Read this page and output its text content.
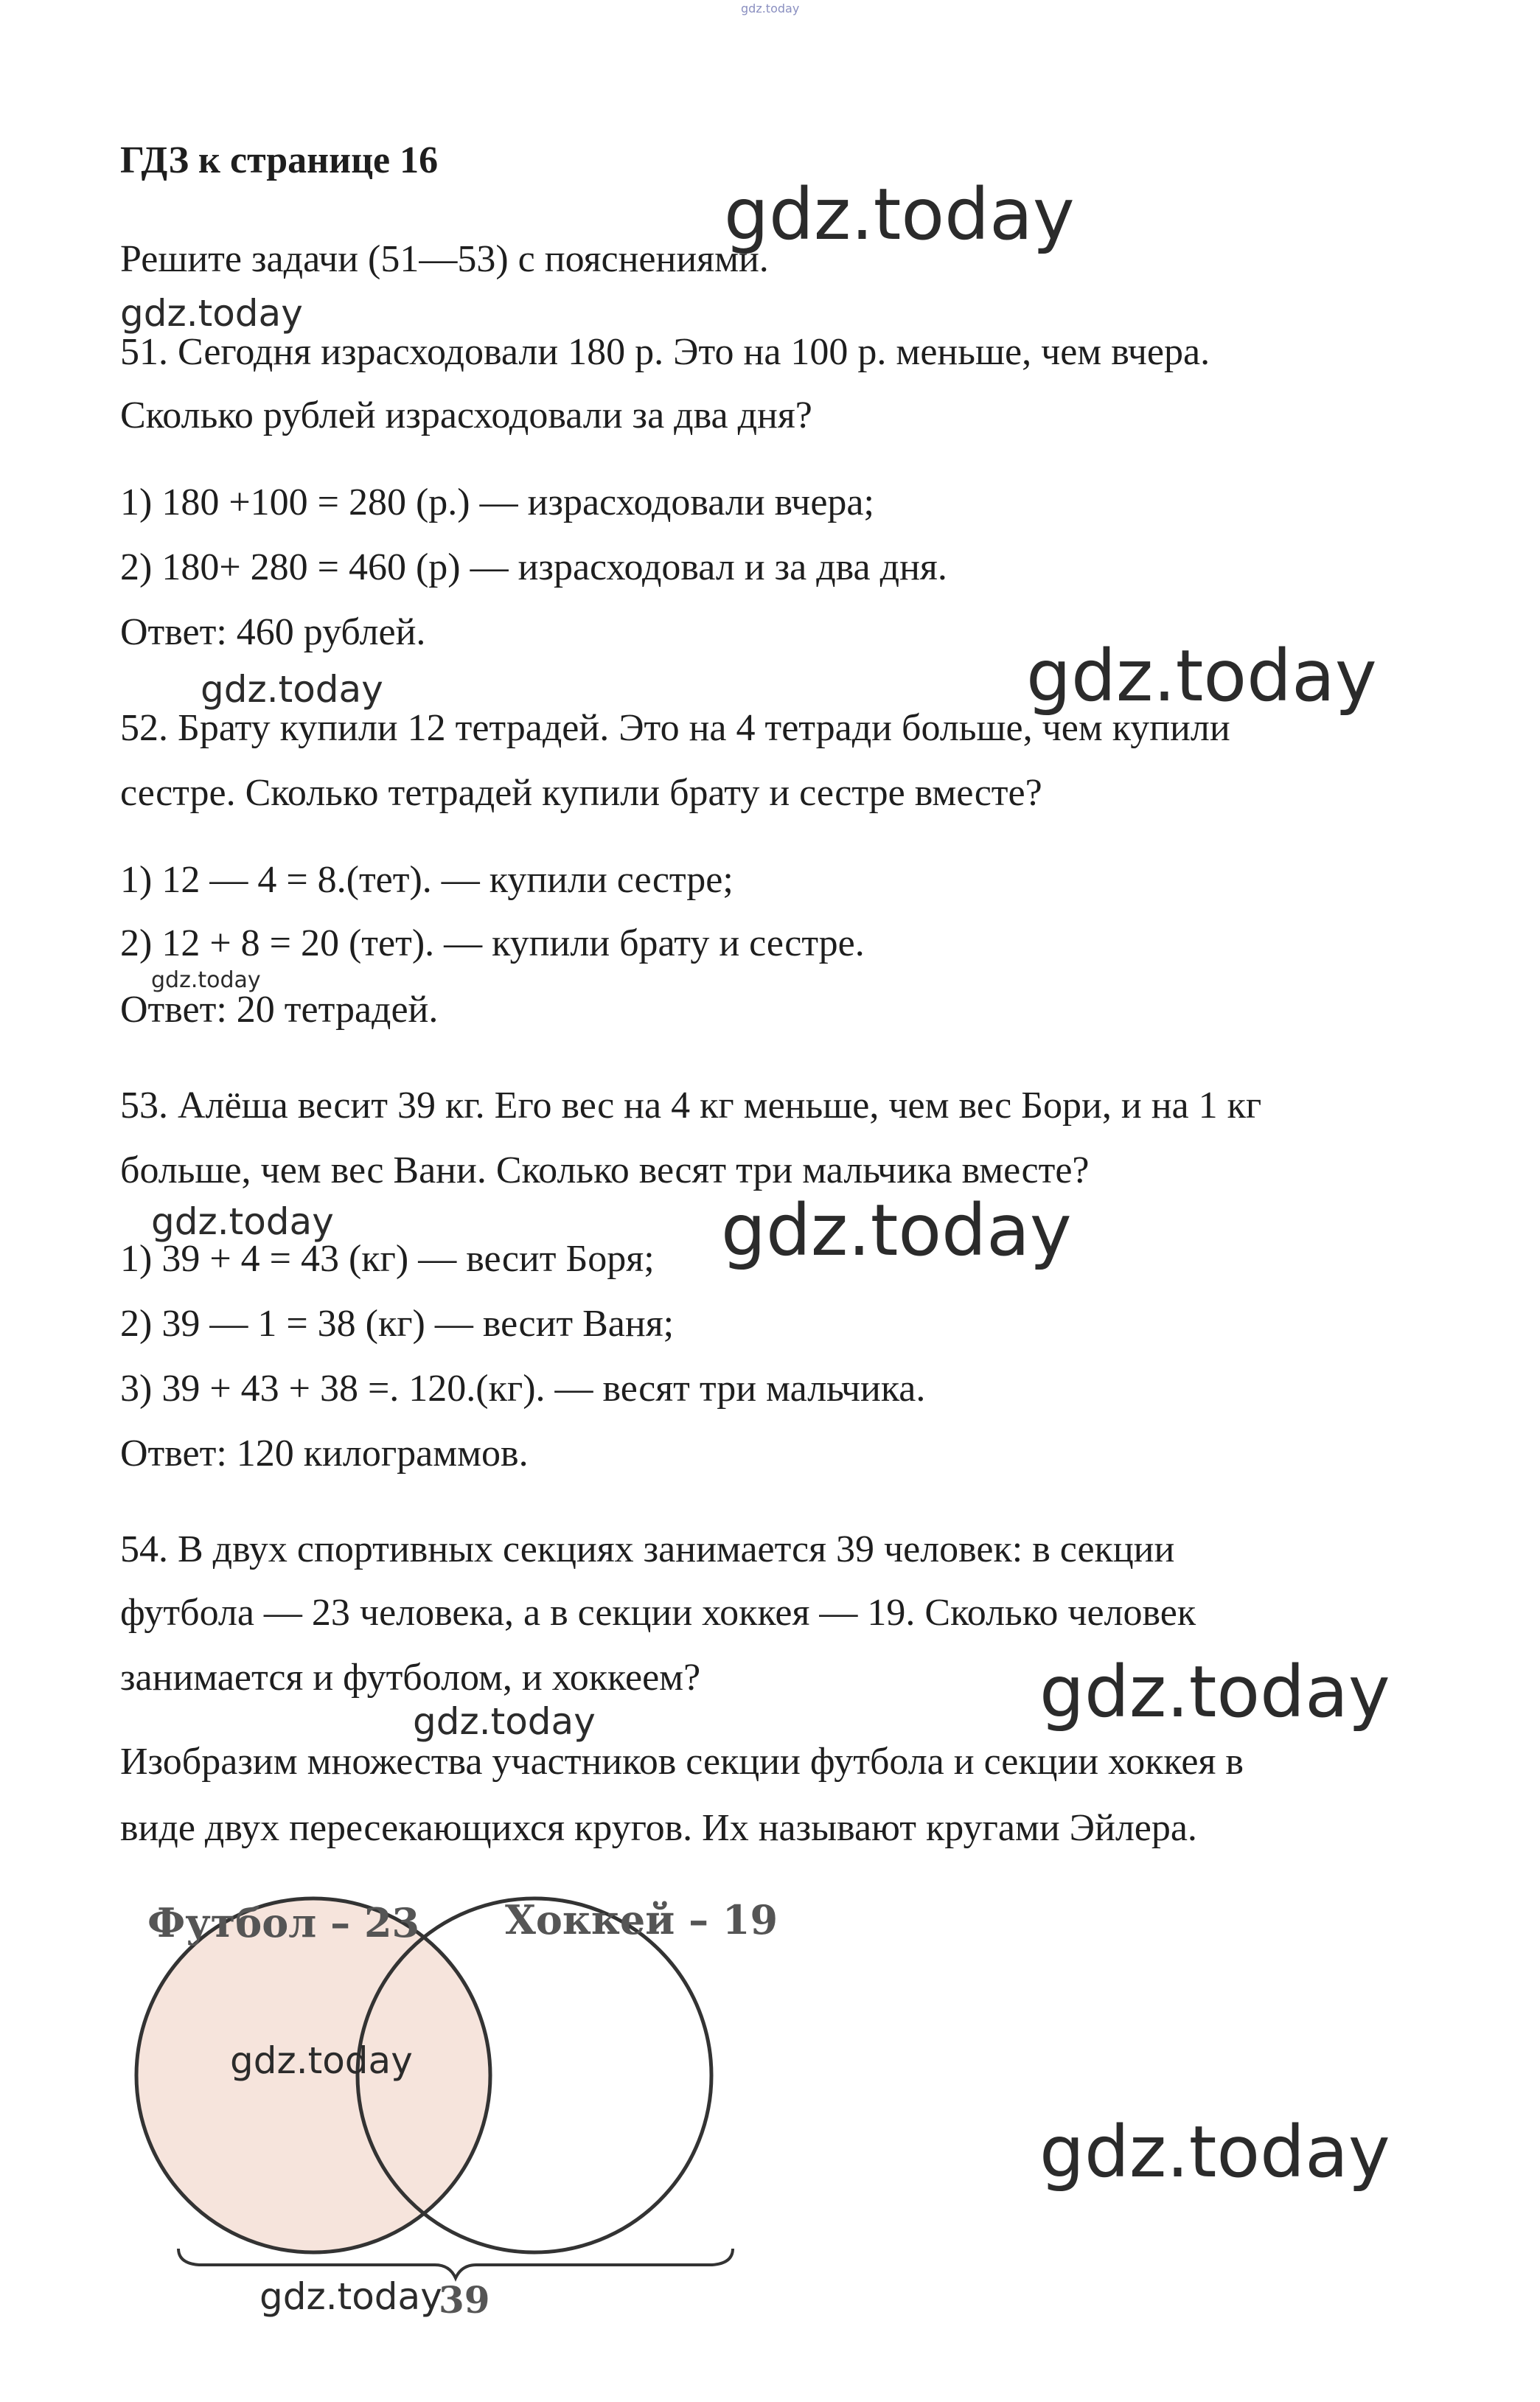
gdz.today
ГДЗ к странице 16
gdz.today
Решите задачи (51—53) с пояснениями.
gdz.today
51. Сегодня израсходовали 180 р. Это на 100 р. меньше, чем вчера.
Сколько рублей израсходовали за два дня?
1) 180 +100 = 280 (р.) — израсходовали вчера;
2) 180+ 280 = 460 (р) — израсходовал и за два дня.
Ответ: 460 рублей.
gdz.today	gdz.today
52. Брату купили 12 тетрадей. Это на 4 тетради больше, чем купили
сестре. Сколько тетрадей купили брату и сестре вместе?
1) 12 — 4 = 8.(тет). — купили сестре;
2) 12 + 8 = 20 (тет). — купили брату и сестре.
gdz.today
Ответ: 20 тетрадей.
53. Алёша весит 39 кг. Его вес на 4 кг меньше, чем вес Бори, и на 1 кг
больше, чем вес Вани. Сколько весят три мальчика вместе?
gdz.today	gdz.today
1) 39 + 4 = 43 (кг) — весит Боря;
2) 39 — 1 = 38 (кг) — весит Ваня;
3) 39 + 43 + 38 =. 120.(кг). — весят три мальчика.
Ответ: 120 килограммов.
54. В двух спортивных секциях занимается 39 человек: в секции
футбола — 23 человека, а в секции хоккея — 19. Сколько человек
занимается и футболом, и хоккеем?	gdz.today
gdz.today
Изобразим множества участников секции футбола и секции хоккея в
виде двух пересекающихся кругов. Их называют кругами Эйлера.
Футбол – 23 Хоккей – 19
39
gdz.today
gdz.today
gdz.today
